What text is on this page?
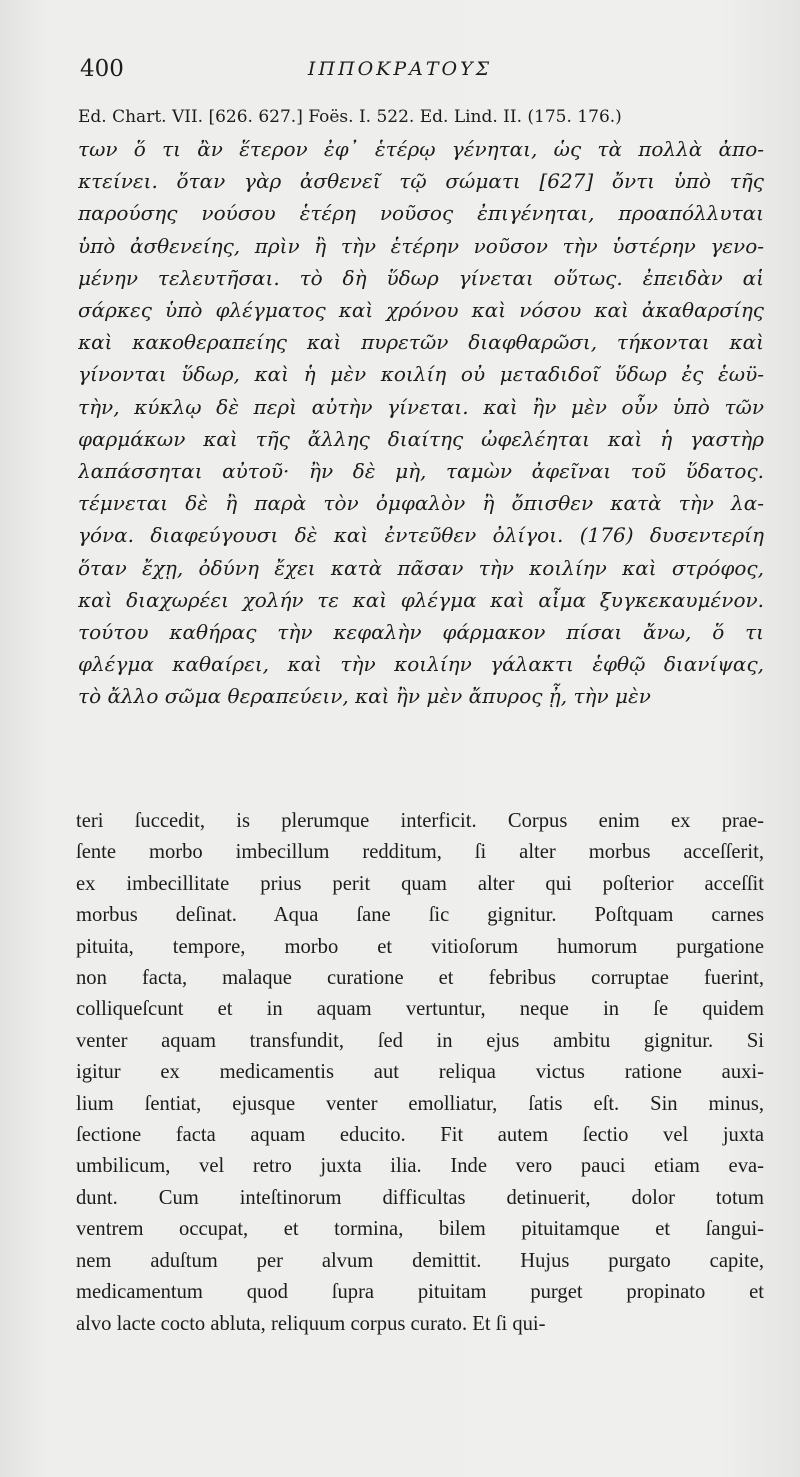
400	ΙΠΠΟΚΡΑΤΟΥΣ
Ed. Chart. VII. [626. 627.] Foës. I. 522. Ed. Lind. II. (175. 176.)
των ὅ τι ἂν ἕτερον ἐφ᾽ ἑτέρῳ γένηται, ὡς τὰ πολλὰ ἀπο-
κτείνει. ὅταν γὰρ ἀσθενεῖ τῷ σώματι [627] ὄντι ὑπὸ τῆς
παρούσης νούσου ἑτέρη νοῦσος ἐπιγένηται, προαπόλλυται
ὑπὸ ἀσθενείης, πρὶν ἢ τὴν ἑτέρην νοῦσον τὴν ὑστέρην γενο-
μένην τελευτῆσαι. τὸ δὴ ὕδωρ γίνεται οὕτως. ἐπειδὰν αἱ
σάρκες ὑπὸ φλέγματος καὶ χρόνου καὶ νόσου καὶ ἀκαθαρσίης
καὶ κακοθεραπείης καὶ πυρετῶν διαφθαρῶσι, τήκονται καὶ
γίνονται ὕδωρ, καὶ ἡ μὲν κοιλίη οὐ μεταδιδοῖ ὕδωρ ἐς ἑωϋ-
τὴν, κύκλῳ δὲ περὶ αὐτὴν γίνεται. καὶ ἢν μὲν οὖν ὑπὸ τῶν
φαρμάκων καὶ τῆς ἄλλης διαίτης ὠφελέηται καὶ ἡ γαστὴρ
λαπάσσηται αὐτοῦ· ἢν δὲ μὴ, ταμὼν ἀφεῖναι τοῦ ὕδατος.
τέμνεται δὲ ἢ παρὰ τὸν ὀμφαλὸν ἢ ὄπισθεν κατὰ τὴν λα-
γόνα. διαφεύγουσι δὲ καὶ ἐντεῦθεν ὀλίγοι. (176) δυσεντερίη
ὅταν ἔχῃ, ὀδύνη ἔχει κατὰ πᾶσαν τὴν κοιλίην καὶ στρόφος,
καὶ διαχωρέει χολήν τε καὶ φλέγμα καὶ αἷμα ξυγκεκαυμένον.
τούτου καθήρας τὴν κεφαλὴν φάρμακον πίσαι ἄνω, ὅ τι
φλέγμα καθαίρει, καὶ τὴν κοιλίην γάλακτι ἑφθῷ διανίψας,
τὸ ἄλλο σῶμα θεραπεύειν, καὶ ἢν μὲν ἄπυρος ᾖ, τὴν μὲν
teri ſuccedit, is plerumque interficit. Corpus enim ex prae-
ſente morbo imbecillum redditum, ſi alter morbus acceſſerit,
ex imbecillitate prius perit quam alter qui poſterior acceſſit
morbus deſinat. Aqua ſane ſic gignitur. Poſtquam carnes
pituita, tempore, morbo et vitioſorum humorum purgatione
non facta, malaque curatione et febribus corruptae fuerint,
colliqueſcunt et in aquam vertuntur, neque in ſe quidem
venter aquam transfundit, ſed in ejus ambitu gignitur. Si
igitur ex medicamentis aut reliqua victus ratione auxi-
lium ſentiat, ejusque venter emolliatur, ſatis eſt. Sin minus,
ſectione facta aquam educito. Fit autem ſectio vel juxta
umbilicum, vel retro juxta ilia. Inde vero pauci etiam eva-
dunt. Cum inteſtinorum difficultas detinuerit, dolor totum
ventrem occupat, et tormina, bilem pituitamque et ſangui-
nem aduſtum per alvum demittit. Hujus purgato capite,
medicamentum quod ſupra pituitam purget propinato et
alvo lacte cocto abluta, reliquum corpus curato. Et ſi qui-
